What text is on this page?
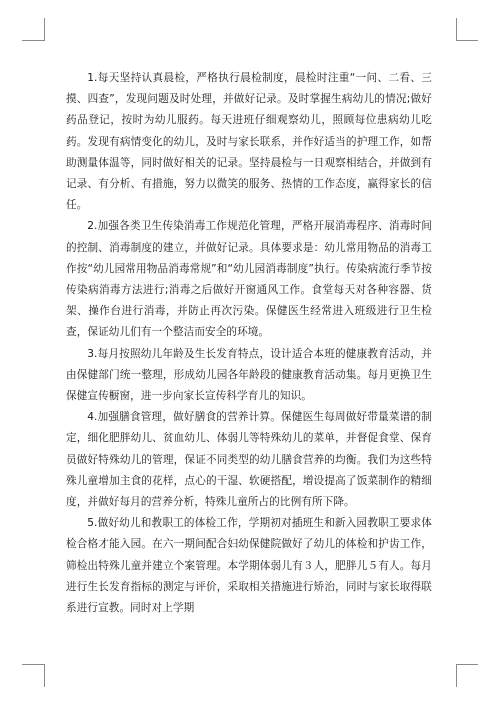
1.每天坚持认真晨检，严格执行晨检制度，晨检时注重“一问、二看、三摸、四查”，发现问题及时处理，并做好记录。及时掌握生病幼儿的情况;做好药品登记，按时为幼儿服药。每天进班仔细观察幼儿，照顾每位患病幼儿吃药。发现有病情变化的幼儿，及时与家长联系，并作好适当的护理工作，如帮助测量体温等，同时做好相关的记录。坚持晨检与一日观察相结合，并做到有记录、有分析、有措施，努力以微笑的服务、热情的工作态度，赢得家长的信任。

2.加强各类卫生传染消毒工作规范化管理，严格开展消毒程序、消毒时间的控制、消毒制度的建立，并做好记录。具体要求是：幼儿常用物品的消毒工作按“幼儿园常用物品消毒常规”和“幼儿园消毒制度”执行。传染病流行季节按传染病消毒方法进行;消毒之后做好开窗通风工作。食堂每天对各种容器、货架、操作台进行消毒，并防止再次污染。保健医生经常进入班级进行卫生检查，保证幼儿们有一个整洁而安全的环境。

3.每月按照幼儿年龄及生长发育特点，设计适合本班的健康教育活动，并由保健部门统一整理，形成幼儿园各年龄段的健康教育活动集。每月更换卫生保健宣传橱窗，进一步向家长宣传科学育儿的知识。

4.加强膳食管理，做好膳食的营养计算。保健医生每周做好带量菜谱的制定，细化肥胖幼儿、贫血幼儿、体弱儿等特殊幼儿的菜单，并督促食堂、保育员做好特殊幼儿的管理，保证不同类型的幼儿膳食营养的均衡。我们为这些特殊儿童增加主食的花样，点心的干湿、软硬搭配，增设提高了饭菜制作的精细度，并做好每月的营养分析，特殊儿童所占的比例有所下降。

5.做好幼儿和教职工的体检工作，学期初对插班生和新入园教职工要求体检合格才能入园。在六一期间配合妇幼保健院做好了幼儿的体检和护齿工作，筛检出特殊儿童并建立个案管理。本学期体弱儿有３人，肥胖儿５有人。每月进行生长发育指标的测定与评价，采取相关措施进行矫治，同时与家长取得联系进行宣教。同时对上学期
